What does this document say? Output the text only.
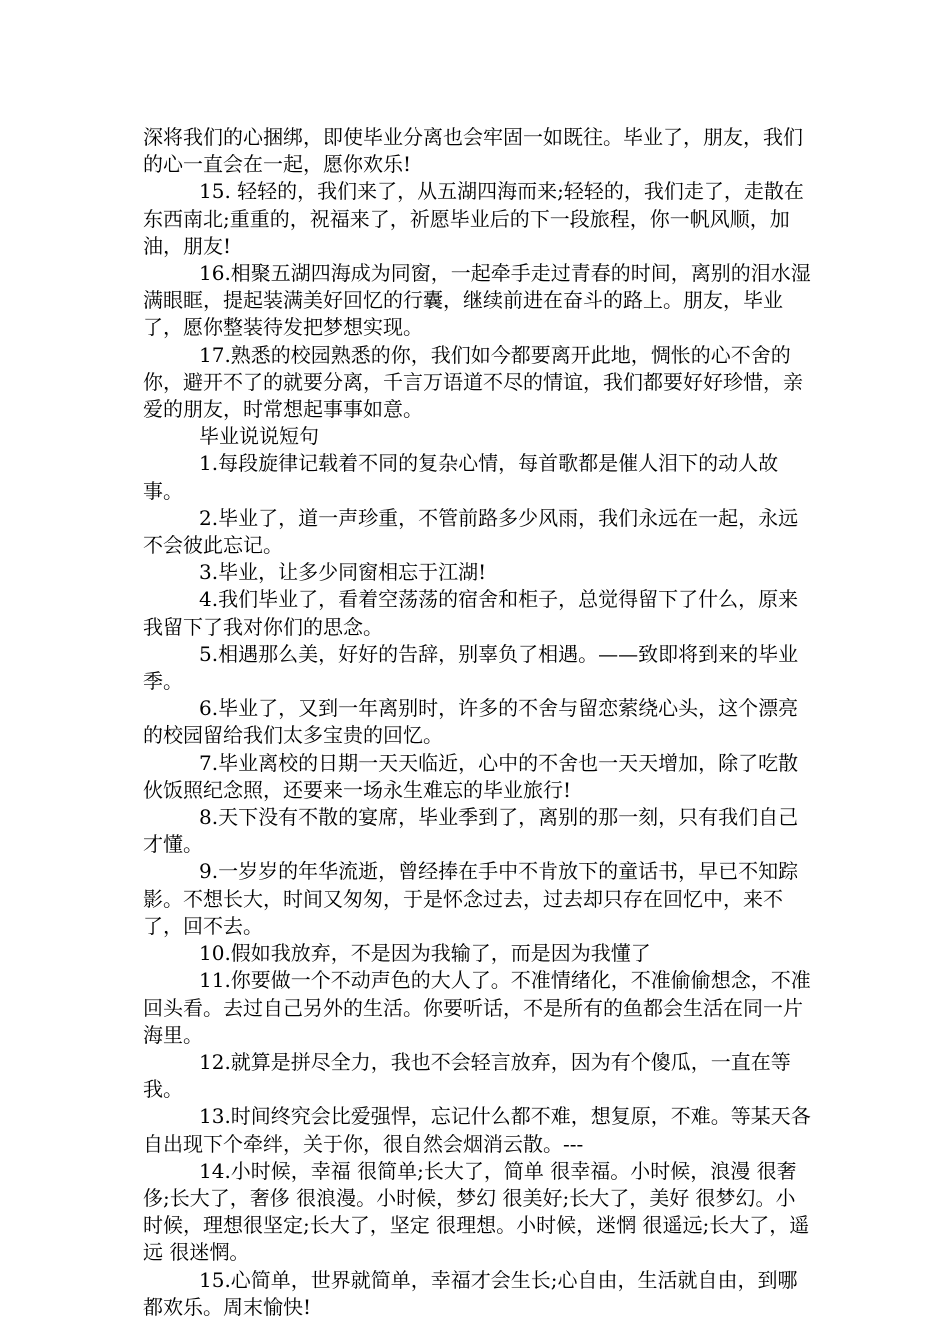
深将我们的心捆绑，即使毕业分离也会牢固一如既往。毕业了，朋友，我们的心一直会在一起，愿你欢乐!

15. 轻轻的，我们来了，从五湖四海而来;轻轻的，我们走了，走散在东西南北;重重的，祝福来了，祈愿毕业后的下一段旅程，你一帆风顺，加油，朋友!

16.相聚五湖四海成为同窗，一起牵手走过青春的时间，离别的泪水湿满眼眶，提起装满美好回忆的行囊，继续前进在奋斗的路上。朋友，毕业了，愿你整装待发把梦想实现。

17.熟悉的校园熟悉的你，我们如今都要离开此地，惆怅的心不舍的你，避开不了的就要分离，千言万语道不尽的情谊，我们都要好好珍惜，亲爱的朋友，时常想起事事如意。

毕业说说短句

1.每段旋律记载着不同的复杂心情，每首歌都是催人泪下的动人故事。

2.毕业了，道一声珍重，不管前路多少风雨，我们永远在一起，永远不会彼此忘记。

3.毕业，让多少同窗相忘于江湖!

4.我们毕业了，看着空荡荡的宿舍和柜子，总觉得留下了什么，原来我留下了我对你们的思念。

5.相遇那么美，好好的告辞，别辜负了相遇。——致即将到来的毕业季。

6.毕业了，又到一年离别时，许多的不舍与留恋萦绕心头，这个漂亮的校园留给我们太多宝贵的回忆。

7.毕业离校的日期一天天临近，心中的不舍也一天天增加，除了吃散伙饭照纪念照，还要来一场永生难忘的毕业旅行!

8.天下没有不散的宴席，毕业季到了，离别的那一刻，只有我们自己才懂。

9.一岁岁的年华流逝，曾经捧在手中不肯放下的童话书，早已不知踪影。不想长大，时间又匆匆，于是怀念过去，过去却只存在回忆中，来不了，回不去。

10.假如我放弃，不是因为我输了，而是因为我懂了

11.你要做一个不动声色的大人了。不准情绪化，不准偷偷想念，不准回头看。去过自己另外的生活。你要听话，不是所有的鱼都会生活在同一片海里。

12.就算是拼尽全力，我也不会轻言放弃，因为有个傻瓜，一直在等我。

13.时间终究会比爱强悍，忘记什么都不难，想复原，不难。等某天各自出现下个牵绊，关于你，很自然会烟消云散。---

14.小时候，幸福 很简单;长大了，简单 很幸福。小时候，浪漫 很奢侈;长大了，奢侈 很浪漫。小时候，梦幻 很美好;长大了，美好 很梦幻。小时候，理想很坚定;长大了，坚定 很理想。小时候，迷惘 很遥远;长大了，遥远 很迷惘。

15.心简单，世界就简单，幸福才会生长;心自由，生活就自由，到哪都欢乐。周末愉快!
